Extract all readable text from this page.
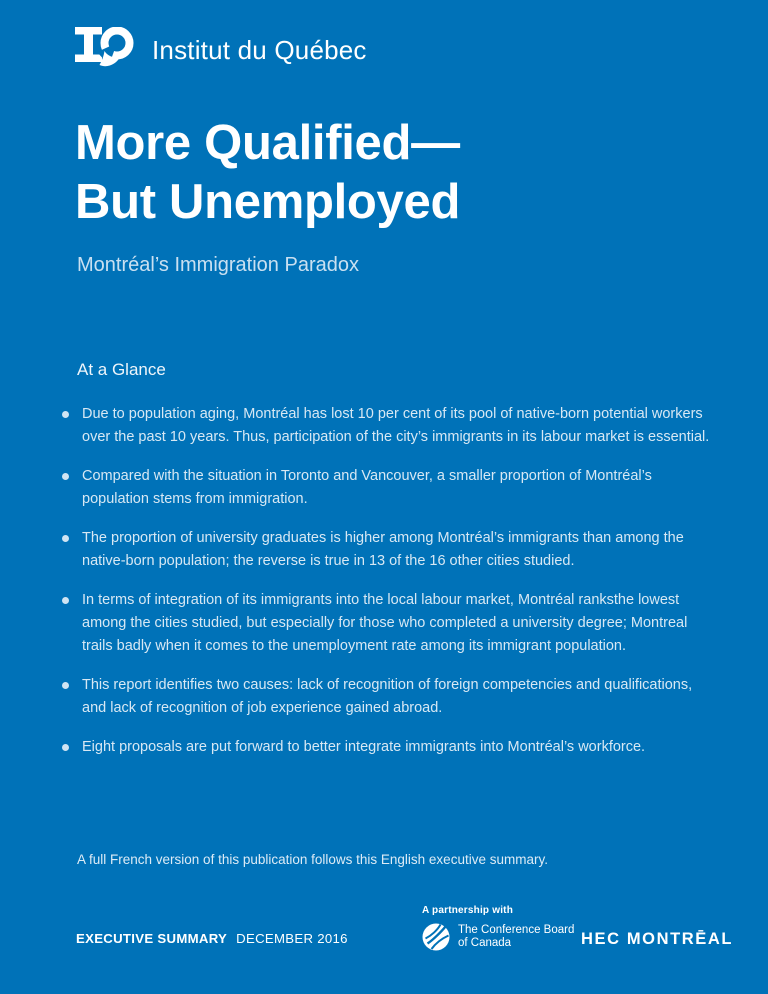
Institut du Québec
More Qualified—
But Unemployed
Montréal’s Immigration Paradox
At a Glance
Due to population aging, Montréal has lost 10 per cent of its pool of native-born potential workers over the past 10 years. Thus, participation of the city’s immigrants in its labour market is essential.
Compared with the situation in Toronto and Vancouver, a smaller proportion of Montréal’s population stems from immigration.
The proportion of university graduates is higher among Montréal’s immigrants than among the native-born population; the reverse is true in 13 of the 16 other cities studied.
In terms of integration of its immigrants into the local labour market, Montréal ranksthe lowest among the cities studied, but especially for those who completed a university degree; Montreal trails badly when it comes to the unemployment rate among its immigrant population.
This report identifies two causes: lack of recognition of foreign competencies and qualifications, and lack of recognition of job experience gained abroad.
Eight proposals are put forward to better integrate immigrants into Montréal’s workforce.
A full French version of this publication follows this English executive summary.
EXECUTIVE SUMMARY DECEMBER 2016
A partnership with
The Conference Board
of Canada	HEC MONTRĒAL
